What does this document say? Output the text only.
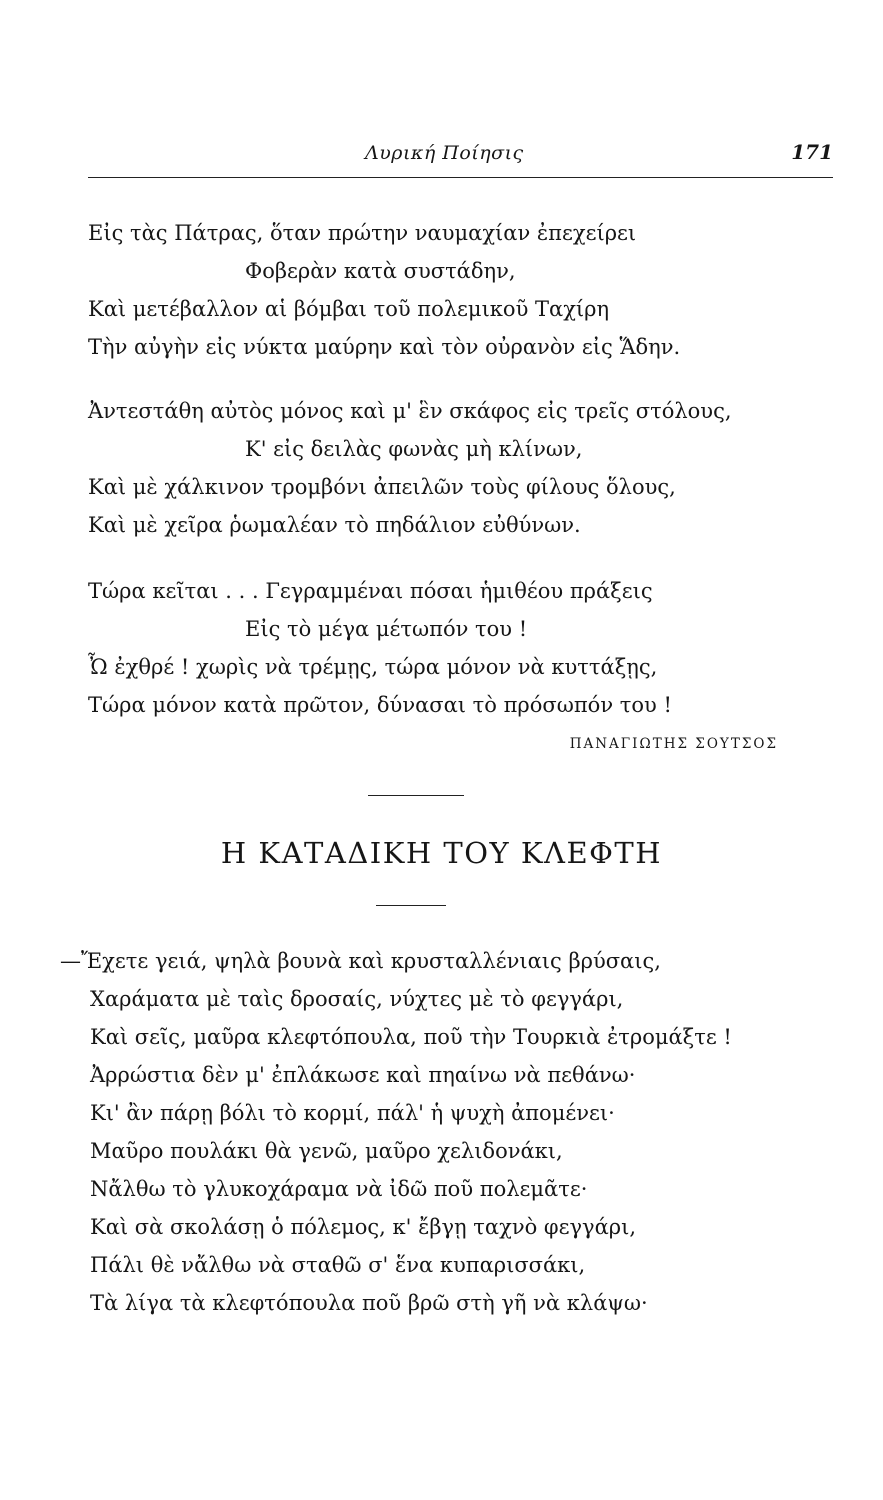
Λυρική Ποίησις	171
Εἰς τὰς Πάτρας, ὅταν πρώτην ναυμαχίαν ἐπεχείρει
Φοβερὰν κατὰ συστάδην,
Καὶ μετέβαλλον αἱ βόμβαι τοῦ πολεμικοῦ Ταχίρη
Τὴν αὐγὴν εἰς νύκτα μαύρην καὶ τὸν οὐρανὸν εἰς Ἅδην.
Ἀντεστάθη αὐτὸς μόνος καὶ μ' ἓν σκάφος εἰς τρεῖς στόλους,
Κ' εἰς δειλὰς φωνὰς μὴ κλίνων,
Καὶ μὲ χάλκινον τρομβόνι ἀπειλῶν τοὺς φίλους ὅλους,
Καὶ μὲ χεῖρα ῥωμαλέαν τὸ πηδάλιον εὐθύνων.
Τώρα κεῖται . . . Γεγραμμέναι πόσαι ἡμιθέου πράξεις
Εἰς τὸ μέγα μέτωπόν του !
Ὦ ἐχθρέ ! χωρὶς νὰ τρέμῃς, τώρα μόνον νὰ κυττάξῃς,
Τώρα μόνον κατὰ πρῶτον, δύνασαι τὸ πρόσωπόν του !
ΠΑΝΑΓΙΩΤΗΣ ΣΟΥΤΣΟΣ
Η ΚΑΤΑΔΙΚΗ ΤΟΥ ΚΛΕΦΤΗ
—Ἔχετε γειά, ψηλὰ βουνὰ καὶ κρυσταλλένιαις βρύσαις,
Χαράματα μὲ ταὶς δροσαίς, νύχτες μὲ τὸ φεγγάρι,
Καὶ σεῖς, μαῦρα κλεφτόπουλα, ποῦ τὴν Τουρκιὰ ἐτρομάξτε !
Ἀρρώστια δὲν μ' ἐπλάκωσε καὶ πηαίνω νὰ πεθάνω·
Κι' ἂν πάρῃ βόλι τὸ κορμί, πάλ' ἡ ψυχὴ ἀπομένει·
Μαῦρο πουλάκι θὰ γενῶ, μαῦρο χελιδονάκι,
Νἄλθω τὸ γλυκοχάραμα νὰ ἰδῶ ποῦ πολεμᾶτε·
Καὶ σὰ σκολάσῃ ὁ πόλεμος, κ' ἔβγῃ ταχνὸ φεγγάρι,
Πάλι θὲ νἄλθω νὰ σταθῶ σ' ἕνα κυπαρισσάκι,
Τὰ λίγα τὰ κλεφτόπουλα ποῦ βρῶ στὴ γῆ νὰ κλάψω·
